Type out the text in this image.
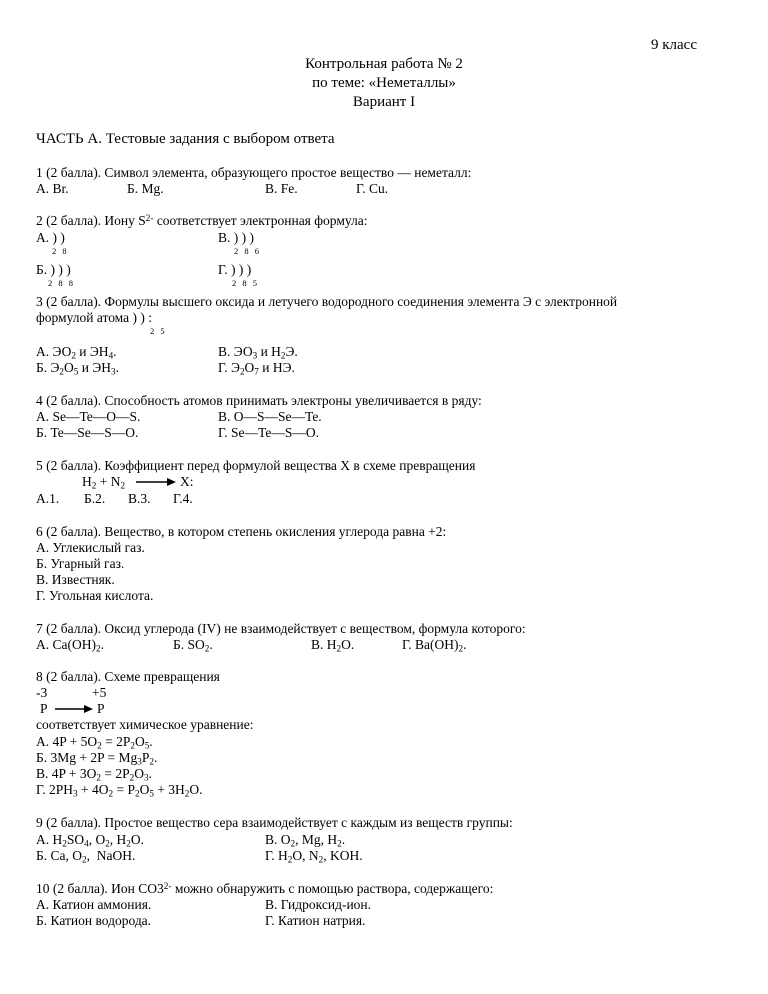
9 класс
Контрольная работа № 2
по теме: «Неметаллы»
Вариант I
ЧАСТЬ А. Тестовые задания с выбором ответа
1 (2 балла). Символ элемента, образующего простое вещество — неметалл:
А. Br.	Б. Mg.	В. Fe.	Г. Cu.
2 (2 балла). Иону $S^{2-}$ соответствует электронная формула:
А. ) )
2 8
В. ) ) )
2 8 6
Б. ) ) )
2 8 8
Г. ) ) )
2 8 5
3 (2 балла). Формулы высшего оксида и летучего водородного соединения элемента Э с электронной
формулой атома ) ) :
2 5
А. $ЭО_2$ и $ЭН_4$.	В. $ЭО_3$ и $Н_2Э$.
Б. $Э_2О_5$ и $ЭН_3$.	Г. $Э_2О_7$ и НЭ.
4 (2 балла). Способность атомов принимать электроны увеличивается в ряду:
А. Se—Te—O—S.	В. O—S—Se—Te.
Б. Te—Se—S—O.	Г. Se—Te—S—O.
5 (2 балла). Коэффициент перед формулой вещества Х в схеме превращения
$H_2 + N_2$	X:
А.1. Б.2. В.3. Г.4.
6 (2 балла). Вещество, в котором степень окисления углерода равна +2:
А. Углекислый газ.
Б. Угарный газ.
В. Известняк.
Г. Угольная кислота.
7 (2 балла). Оксид углерода (IV) не взаимодействует с веществом, формула которого:
А. $Ca(OH)_2$.	Б. $SO_2$.	В. $H_2O$.	Г. $Ba(OH)_2$.
8 (2 балла). Схеме превращения
-3	+5
P	P
соответствует химическое уравнение:
А. $4P + 5O_2 = 2P_2O_5$.
Б. $3Mg + 2P = Mg_3P_2$.
В. $4P + 3O_2 = 2P_2O_3$.
Г. $2PH_3 + 4O_2 = P_2O_5 + 3H_2O$.
9 (2 балла). Простое вещество сера взаимодействует с каждым из веществ группы:
А. $H_2SO_4$, $O_2$, $H_2O$.	В. $O_2$, Mg, $H_2$.
Б. Ca, $O_2$,  NaOH.	Г. $H_2O$, $N_2$, KOH.
10 (2 балла). Ион $CO3^{2-}$ можно обнаружить с помощью раствора, содержащего:
А. Катион аммония.	В. Гидроксид-ион.
Б. Катион водорода.	Г. Катион натрия.
